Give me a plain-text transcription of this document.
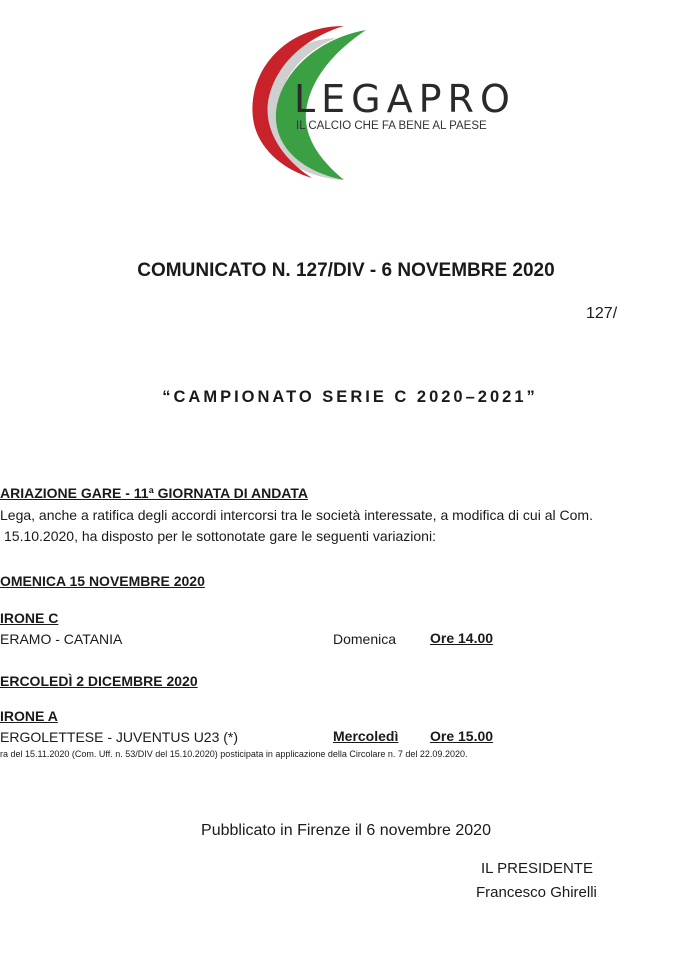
LEGAPRO
IL CALCIO CHE FA BENE AL PAESE
COMUNICATO N. 127/DIV - 6 NOVEMBRE 2020
127/
“CAMPIONATO SERIE C 2020–2021”
ARIAZIONE GARE - 11ª GIORNATA DI ANDATA
Lega, anche a ratifica degli accordi intercorsi tra le società interessate, a modifica di cui al Com.
15.10.2020, ha disposto per le sottonotate gare le seguenti variazioni:
OMENICA 15 NOVEMBRE 2020
IRONE C
ERAMO - CATANIA	Domenica Ore 14.00
ERCOLEDÌ 2 DICEMBRE 2020
IRONE A
ERGOLETTESE - JUVENTUS U23 (*)	Mercoledì Ore 15.00
ra del 15.11.2020 (Com. Uff. n. 53/DIV del 15.10.2020) posticipata in applicazione della Circolare n. 7 del 22.09.2020.
Pubblicato in Firenze il 6 novembre 2020
IL PRESIDENTE
Francesco Ghirelli
